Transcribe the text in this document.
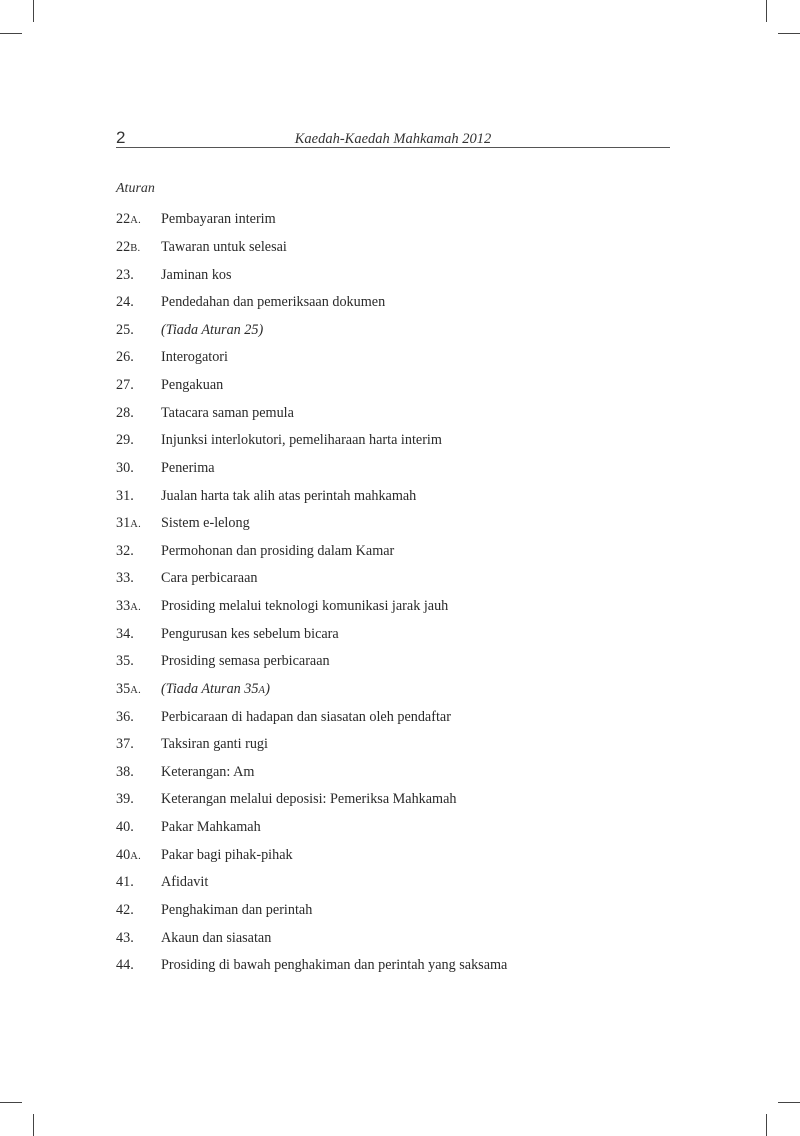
2	Kaedah-Kaedah Mahkamah 2012
Aturan
22A.	Pembayaran interim
22B.	Tawaran untuk selesai
23.	Jaminan kos
24.	Pendedahan dan pemeriksaan dokumen
25.	(Tiada Aturan 25)
26.	Interogatori
27.	Pengakuan
28.	Tatacara saman pemula
29.	Injunksi interlokutori, pemeliharaan harta interim
30.	Penerima
31.	Jualan harta tak alih atas perintah mahkamah
31A.	Sistem e-lelong
32.	Permohonan dan prosiding dalam Kamar
33.	Cara perbicaraan
33A.	Prosiding melalui teknologi komunikasi jarak jauh
34.	Pengurusan kes sebelum bicara
35.	Prosiding semasa perbicaraan
35A.	(Tiada Aturan 35A)
36.	Perbicaraan di hadapan dan siasatan oleh pendaftar
37.	Taksiran ganti rugi
38.	Keterangan: Am
39.	Keterangan melalui deposisi: Pemeriksa Mahkamah
40.	Pakar Mahkamah
40A.	Pakar bagi pihak-pihak
41.	Afidavit
42.	Penghakiman dan perintah
43.	Akaun dan siasatan
44.	Prosiding di bawah penghakiman dan perintah yang saksama
